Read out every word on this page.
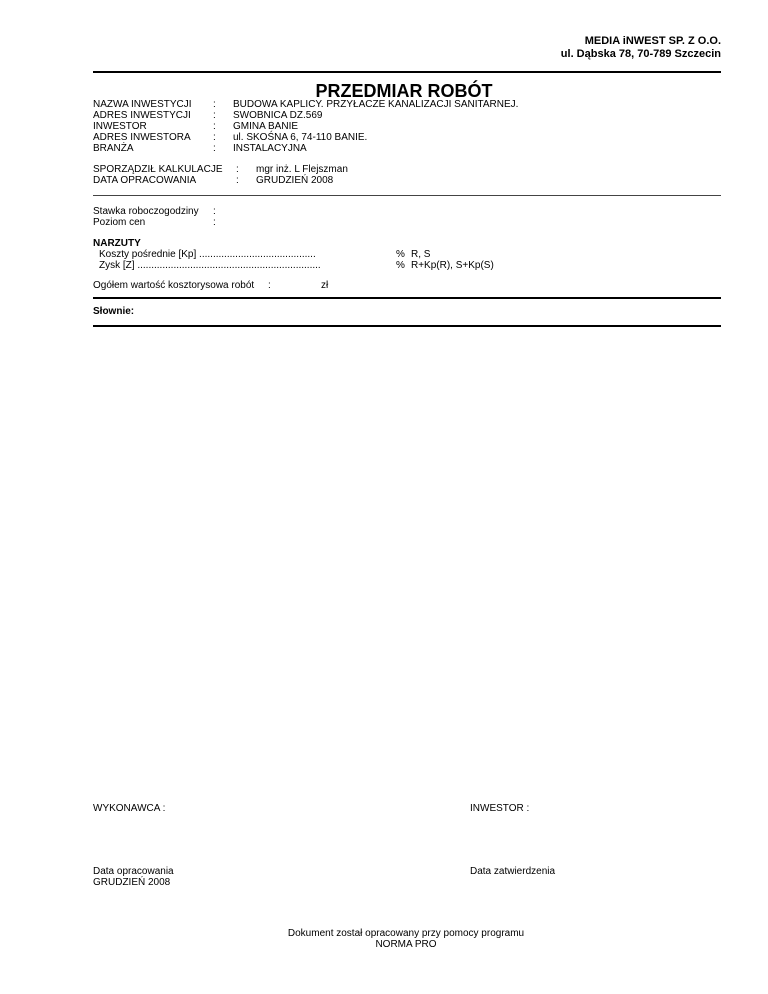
MEDIA iNWEST SP. Z O.O.
ul. Dąbska 78, 70-789 Szczecin
PRZEDMIAR ROBÓT
NAZWA INWESTYCJI : BUDOWA KAPLICY. PRZYŁACZE KANALIZACJI SANITARNEJ.
ADRES INWESTYCJI : SWOBNICA DZ.569
INWESTOR	: GMINA BANIE
ADRES INWESTORA : ul. SKOŚNA 6, 74-110 BANIE.
BRANŻA	: INSTALACYJNA
SPORZĄDZIŁ KALKULACJE : mgr inż. L Flejszman
DATA OPRACOWANIA	: GRUDZIEŃ 2008
Stawka roboczogodziny :
Poziom cen	:
NARZUTY
Koszty pośrednie [Kp] ..........................................	% R, S
Zysk [Z] ..................................................................	% R+Kp(R), S+Kp(S)
Ogółem wartość kosztorysowa robót :	zł
Słownie:
WYKONAWCA :	INWESTOR :
Data opracowania
GRUDZIEŃ 2008
Data zatwierdzenia
Dokument został opracowany przy pomocy programu
NORMA PRO
